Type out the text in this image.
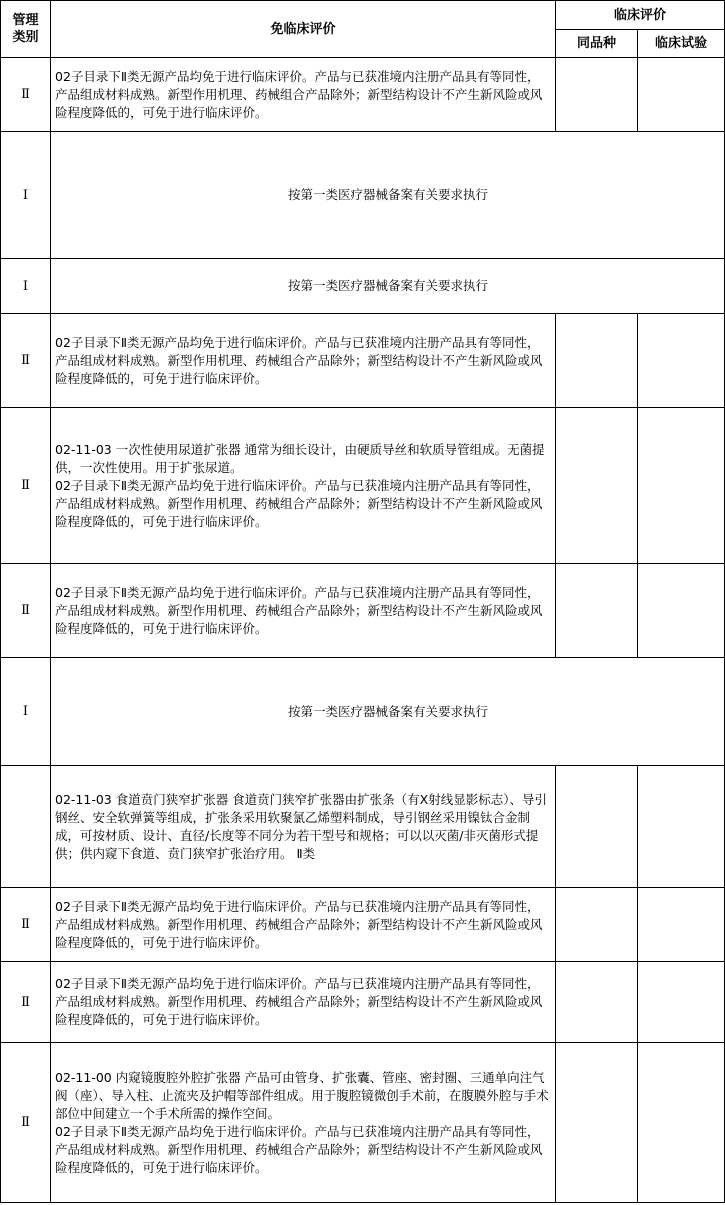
管理
类别	免临床评价	临床评价	
		同品种	临床试验
Ⅱ	02子目录下Ⅱ类无源产品均免于进行临床评价。产品与已获准境内注册产品具有等同性，产品组成材料成熟。新型作用机理、药械组合产品除外；新型结构设计不产生新风险或风险程度降低的，可免于进行临床评价。		
Ⅰ	按第一类医疗器械备案有关要求执行		
Ⅰ	按第一类医疗器械备案有关要求执行		
Ⅱ	02子目录下Ⅱ类无源产品均免于进行临床评价。产品与已获准境内注册产品具有等同性，产品组成材料成熟。新型作用机理、药械组合产品除外；新型结构设计不产生新风险或风险程度降低的，可免于进行临床评价。		
Ⅱ	02-11-03 一次性使用尿道扩张器 通常为细长设计，由硬质导丝和软质导管组成。无菌提供，一次性使用。用于扩张尿道。
02子目录下Ⅱ类无源产品均免于进行临床评价。产品与已获准境内注册产品具有等同性，产品组成材料成熟。新型作用机理、药械组合产品除外；新型结构设计不产生新风险或风险程度降低的，可免于进行临床评价。		
Ⅱ	02子目录下Ⅱ类无源产品均免于进行临床评价。产品与已获准境内注册产品具有等同性，产品组成材料成熟。新型作用机理、药械组合产品除外；新型结构设计不产生新风险或风险程度降低的，可免于进行临床评价。		
Ⅰ	按第一类医疗器械备案有关要求执行		
	02-11-03 食道贲门狭窄扩张器 食道贲门狭窄扩张器由扩张条（有X射线显影标志）、导引钢丝、安全软弹簧等组成，扩张条采用软聚氯乙烯塑料制成，导引钢丝采用镍钛合金制成，可按材质、设计、直径/长度等不同分为若干型号和规格；可以以灭菌/非灭菌形式提供；供内窥下食道、贲门狭窄扩张治疗用。 Ⅱ类		
Ⅱ	02子目录下Ⅱ类无源产品均免于进行临床评价。产品与已获准境内注册产品具有等同性，产品组成材料成熟。新型作用机理、药械组合产品除外；新型结构设计不产生新风险或风险程度降低的，可免于进行临床评价。		
Ⅱ	02子目录下Ⅱ类无源产品均免于进行临床评价。产品与已获准境内注册产品具有等同性，产品组成材料成熟。新型作用机理、药械组合产品除外；新型结构设计不产生新风险或风险程度降低的，可免于进行临床评价。		
Ⅱ	02-11-00 内窥镜腹腔外腔扩张器 产品可由管身、扩张囊、管座、密封圈、三通单向注气阀（座）、导入柱、止流夹及护帽等部件组成。用于腹腔镜微创手术前，在腹膜外腔与手术部位中间建立一个手术所需的操作空间。
02子目录下Ⅱ类无源产品均免于进行临床评价。产品与已获准境内注册产品具有等同性，产品组成材料成熟。新型作用机理、药械组合产品除外；新型结构设计不产生新风险或风险程度降低的，可免于进行临床评价。		
